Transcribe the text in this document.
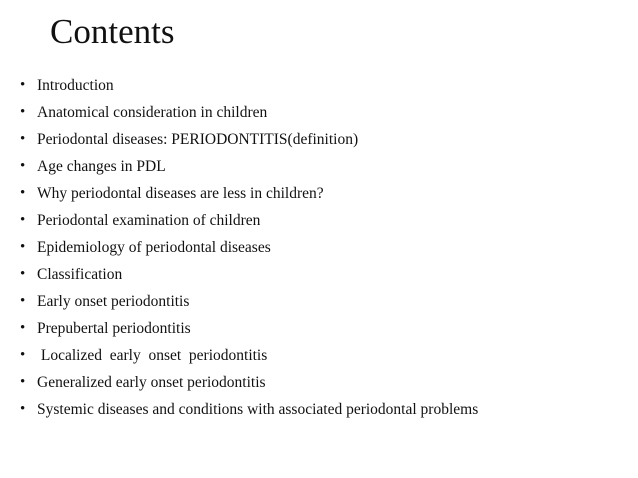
Contents
• Introduction
• Anatomical consideration in children
• Periodontal diseases: PERIODONTITIS(definition)
• Age changes in PDL
• Why periodontal diseases are less in children?
• Periodontal examination of children
• Epidemiology of periodontal diseases
• Classification
• Early onset periodontitis
• Prepubertal periodontitis
• Localized  early  onset  periodontitis
• Generalized early onset periodontitis
• Systemic diseases and conditions with associated periodontal problems
